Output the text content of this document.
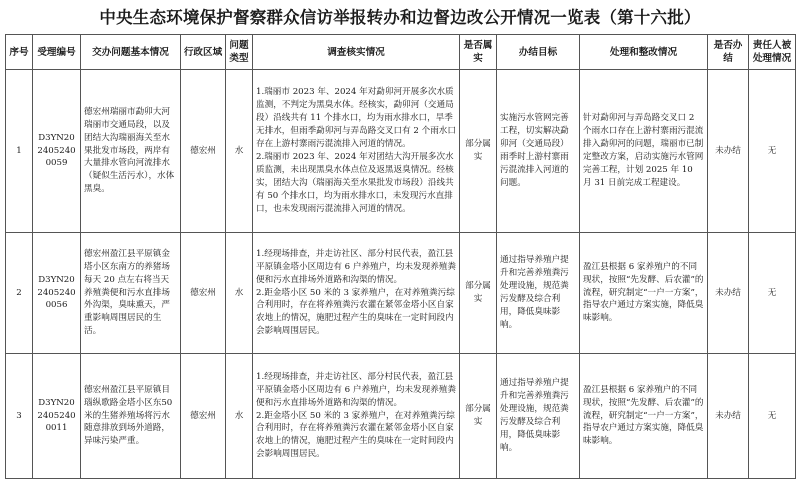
中央生态环境保护督察群众信访举报转办和边督边改公开情况一览表（第十六批）
序号	受理编号	交办问题基本情况	行政区域	问题类型	调查核实情况	是否属实	办结目标	处理和整改情况	是否办结	责任人被处理情况
1	D3YN2024052400059	德宏州瑞丽市勐卯大河瑞丽市交通局段，以及团结大沟瑞丽海关至水果批发市场段，两岸有大量排水管向河流排水（疑似生活污水），水体黑臭。	德宏州	水	1.瑞丽市 2023 年、2024 年对勐卯河开展多次水质监测，不判定为黑臭水体。经核实，勐卯河（交通局段）沿线共有 11 个排水口，均为雨水排水口，旱季无排水，但雨季勐卯河与弄岛路交叉口有 2 个雨水口存在上游村寨雨污混流排入河道的情况。

2.瑞丽市 2023 年、2024 年对团结大沟开展多次水质监测，未出现黑臭水体点位及返黑返臭情况。经核实，团结大沟（瑞丽海关至水果批发市场段）沿线共有 50 个排水口，均为雨水排水口，未发现污水直排口，也未发现雨污混流排入河道的情况。	部分属实	实施污水管网完善工程，切实解决勐卯河（交通局段）雨季时上游村寨雨污混流排入河道的问题。	针对勐卯河与弄岛路交叉口 2 个雨水口存在上游村寨雨污混流排入勐卯河的问题，瑞丽市已制定整改方案，启动实施污水管网完善工程，计划 2025 年 10 月 31 日前完成工程建设。	未办结	无
2	D3YN2024052400056	德宏州盈江县平原镇金塔小区东南方的养猪场每天 20 点左右将当天养殖粪便和污水直排场外沟渠，臭味熏天，严重影响周围居民的生活。	德宏州	水	1.经现场排查，并走访社区、部分村民代表，盈江县平原镇金塔小区周边有 6 户养殖户，均未发现养殖粪便和污水直排场外道路和沟渠的情况。

2.距金塔小区 50 米的 3 家养殖户，在对养殖粪污综合利用时，存在将养殖粪污农灌在紧邻金塔小区自家农地上的情况，施肥过程产生的臭味在一定时间段内会影响周围居民。	部分属实	通过指导养殖户提升和完善养殖粪污处理设施，规范粪污发酵及综合利用，降低臭味影响。	盈江县根据 6 家养殖户的不同现状，按照“先发酵、后农灌”的流程，研究制定“一户一方案”，指导农户通过方案实施，降低臭味影响。	未办结	无
3	D3YN2024052400011	德宏州盈江县平原镇目瑙纵歌路金塔小区东50米的生猪养殖场将污水随意排放到场外道路，异味污染严重。	德宏州	水	1.经现场排查，并走访社区、部分村民代表，盈江县平原镇金塔小区周边有 6 户养殖户，均未发现养殖粪便和污水直排场外道路和沟渠的情况。

2.距金塔小区 50 米的 3 家养殖户，在对养殖粪污综合利用时，存在将养殖粪污农灌在紧邻金塔小区自家农地上的情况，施肥过程产生的臭味在一定时间段内会影响周围居民。	部分属实	通过指导养殖户提升和完善养殖粪污处理设施，规范粪污发酵及综合利用，降低臭味影响。	盈江县根据 6 家养殖户的不同现状，按照“先发酵、后农灌”的流程，研究制定“一户一方案”，指导农户通过方案实施，降低臭味影响。	未办结	无
